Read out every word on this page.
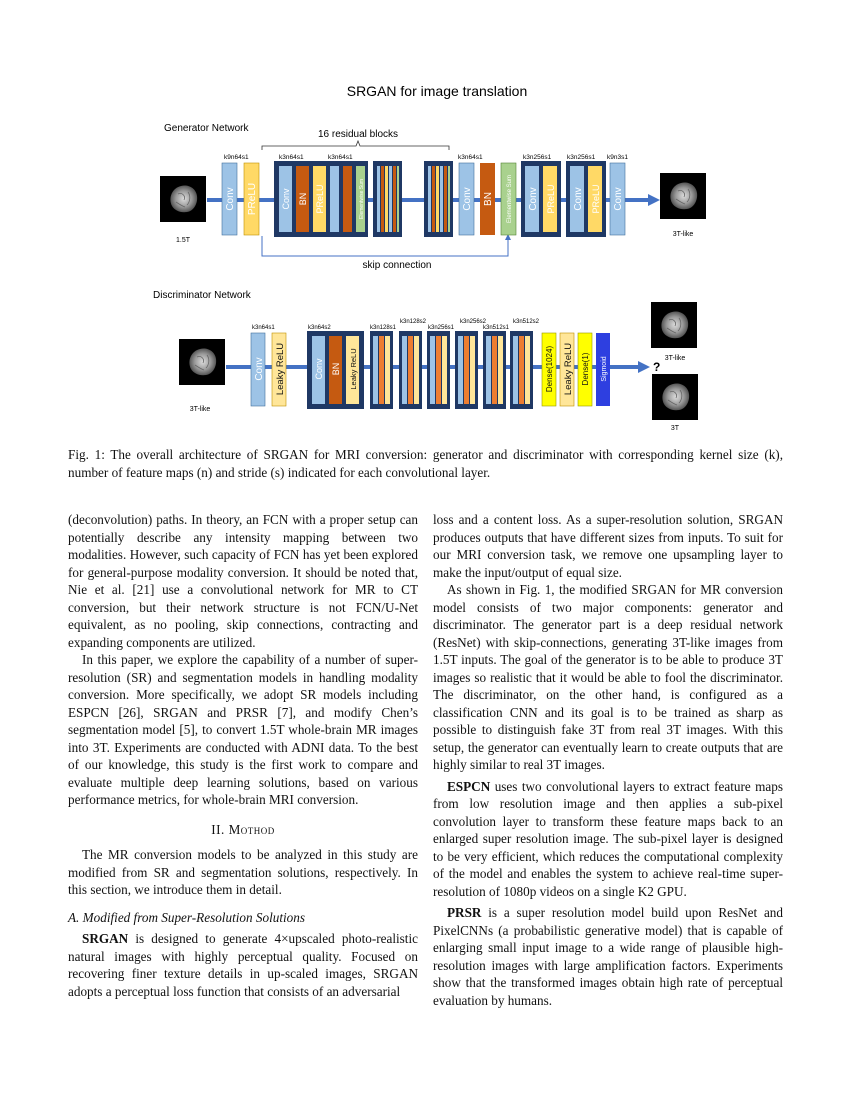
SRGAN for image translation
Generator Network
16 residual blocks
1.5T
skip connection
k9n64s1	k3n64s1	k3n64s1	k3n64s1	k3n256s1 k3n256s1 k9n3s1
Conv PReLU	Conv BN PReLU	Elementwise Sum	Conv BN Elementwise Sum Conv PReLU Conv PReLU Conv
3T-like
Discriminator Network
3T-like
?
k3n64s1	k3n64s2	k3n128s1
k3n128s2
k3n256s1
k3n256s2
k3n512s1
k3n512s2
Conv Leaky ReLU	Conv BN Leaky ReLU	Dense(1024) Leaky ReLU Dense(1) Sigmoid	3T-like
3T
Fig. 1: The overall architecture of SRGAN for MRI conversion: generator and discriminator with corresponding kernel size (k), number of feature maps (n) and stride (s) indicated for each convolutional layer.

(deconvolution) paths. In theory, an FCN with a proper setup can potentially describe any intensity mapping between two modalities. However, such capacity of FCN has yet been explored for general-purpose modality conversion. It should be noted that, Nie et al. [21] use a convolutional network for MR to CT conversion, but their network structure is not FCN/U-Net equivalent, as no pooling, skip connections, contracting and expanding components are utilized.

In this paper, we explore the capability of a number of super-resolution (SR) and segmentation models in handling modality conversion. More specifically, we adopt SR models including ESPCN [26], SRGAN and PRSR [7], and modify Chen’s segmentation model [5], to convert 1.5T whole-brain MR images into 3T. Experiments are conducted with ADNI data. To the best of our knowledge, this study is the first work to compare and evaluate multiple deep learning solutions, based on various performance metrics, for whole-brain MRI conversion.

II. Mothod

The MR conversion models to be analyzed in this study are modified from SR and segmentation solutions, respectively. In this section, we introduce them in detail.

A. Modified from Super-Resolution Solutions

SRGAN is designed to generate 4×upscaled photo-realistic natural images with highly perceptual quality. Focused on recovering finer texture details in up-scaled images, SRGAN adopts a perceptual loss function that consists of an adversarial

loss and a content loss. As a super-resolution solution, SRGAN produces outputs that have different sizes from inputs. To suit for our MRI conversion task, we remove one upsampling layer to make the input/output of equal size.

As shown in Fig. 1, the modified SRGAN for MR conversion model consists of two major components: generator and discriminator. The generator part is a deep residual network (ResNet) with skip-connections, generating 3T-like images from 1.5T inputs. The goal of the generator is to be able to produce 3T images so realistic that it would be able to fool the discriminator. The discriminator, on the other hand, is configured as a classification CNN and its goal is to be trained as sharp as possible to distinguish fake 3T from real 3T images. With this setup, the generator can eventually learn to create outputs that are highly similar to real 3T images.

ESPCN uses two convolutional layers to extract feature maps from low resolution image and then applies a sub-pixel convolution layer to transform these feature maps back to an enlarged super resolution image. The sub-pixel layer is designed to be very efficient, which reduces the computational complexity of the model and enables the system to achieve real-time super-resolution of 1080p videos on a single K2 GPU.

PRSR is a super resolution model build upon ResNet and PixelCNNs (a probabilistic generative model) that is capable of enlarging small input image to a wide range of plausible high-resolution images with large amplification factors. Experiments show that the transformed images obtain high rate of perceptual evaluation by humans.
